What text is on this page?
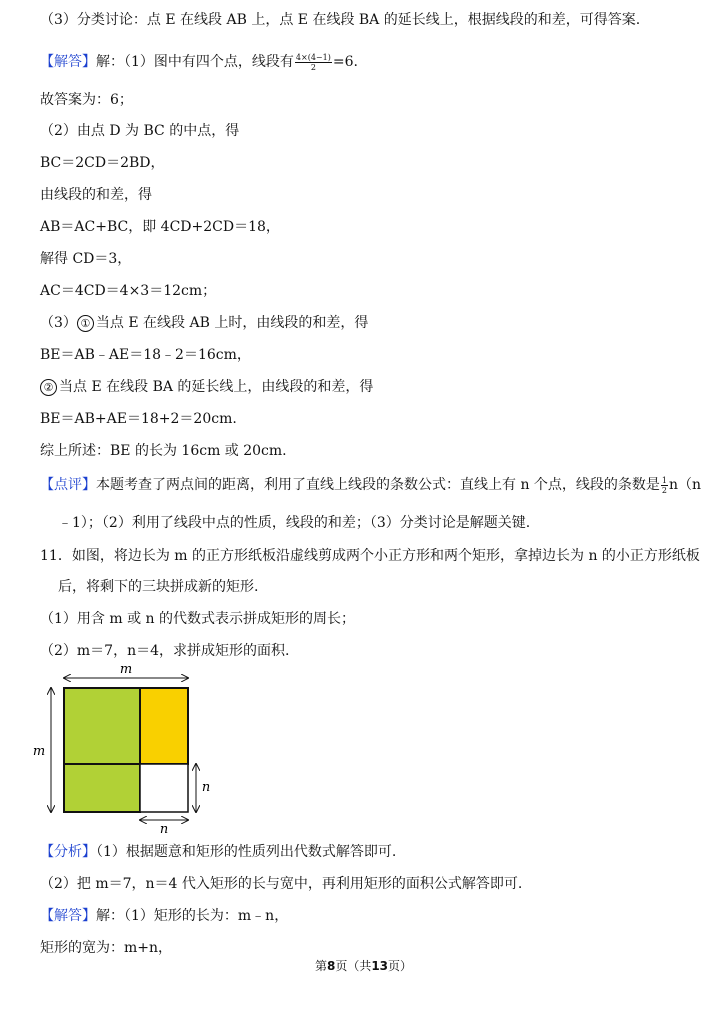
（3）分类讨论：点 E 在线段 AB 上，点 E 在线段 BA 的延长线上，根据线段的和差，可得答案.
【解答】解：（1）图中有四个点，线段有 $\frac{4\times(4-1)}{2} =6$.
故答案为：6；
（2）由点 D 为 BC 的中点，得
BC＝2CD＝2BD，
由线段的和差，得
AB＝AC+BC，即 4CD+2CD＝18，
解得 CD＝3，
AC＝4CD＝4×3＝12cm；
（3） ① 当点 E 在线段 AB 上时，由线段的和差，得
BE＝AB﹣AE＝18﹣2＝16cm，
② 当点 E 在线段 BA 的延长线上，由线段的和差，得
BE＝AB+AE＝18+2＝20cm.
综上所述：BE 的长为 16cm 或 20cm.
【点评】本题考查了两点间的距离，利用了直线上线段的条数公式：直线上有 n 个点，线段的条数是 $\frac{1}{2} n(n$
﹣1）；（2）利用了线段中点的性质，线段的和差；（3）分类讨论是解题关键.
11．如图，将边长为 m 的正方形纸板沿虚线剪成两个小正方形和两个矩形，拿掉边长为 n 的小正方形纸板
后，将剩下的三块拼成新的矩形.
（1）用含 m 或 n 的代数式表示拼成矩形的周长；
（2）m＝7，n＝4，求拼成矩形的面积.
m
m
n
n
【分析】（1）根据题意和矩形的性质列出代数式解答即可.
（2）把 m＝7，n＝4 代入矩形的长与宽中，再利用矩形的面积公式解答即可.
【解答】解：（1）矩形的长为：m﹣n，
矩形的宽为：m+n，
第8页（共13页）
